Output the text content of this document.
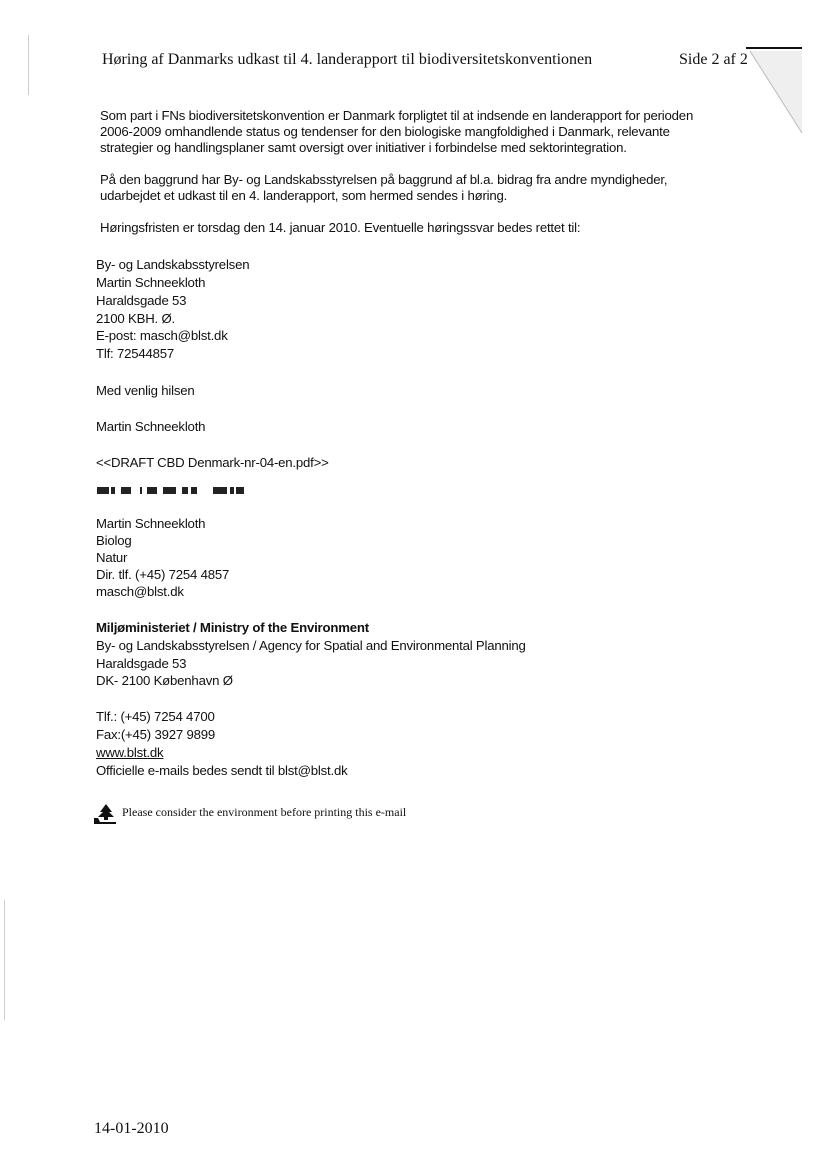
Høring af Danmarks udkast til 4. landerapport til biodiversitetskonventionen	Side 2 af 2
Som part i FNs biodiversitetskonvention er Danmark forpligtet til at indsende en landerapport for perioden
2006-2009 omhandlende status og tendenser for den biologiske mangfoldighed i Danmark, relevante
strategier og handlingsplaner samt oversigt over initiativer i forbindelse med sektorintegration.
På den baggrund har By- og Landskabsstyrelsen på baggrund af bl.a. bidrag fra andre myndigheder,
udarbejdet et udkast til en 4. landerapport, som hermed sendes i høring.
Høringsfristen er torsdag den 14. januar 2010. Eventuelle høringssvar bedes rettet til:
By- og Landskabsstyrelsen
Martin Schneekloth
Haraldsgade 53
2100 KBH. Ø.
E-post: masch@blst.dk
Tlf: 72544857
Med venlig hilsen
Martin Schneekloth
<<DRAFT CBD Denmark-nr-04-en.pdf>>
Martin Schneekloth
Biolog
Natur
Dir. tlf. (+45) 7254 4857
masch@blst.dk
Miljøministeriet / Ministry of the Environment
By- og Landskabsstyrelsen / Agency for Spatial and Environmental Planning
Haraldsgade 53
DK- 2100 København Ø
Tlf.: (+45) 7254 4700
Fax:(+45) 3927 9899
www.blst.dk
Officielle e-mails bedes sendt til blst@blst.dk
Please consider the environment before printing this e-mail
14-01-2010
